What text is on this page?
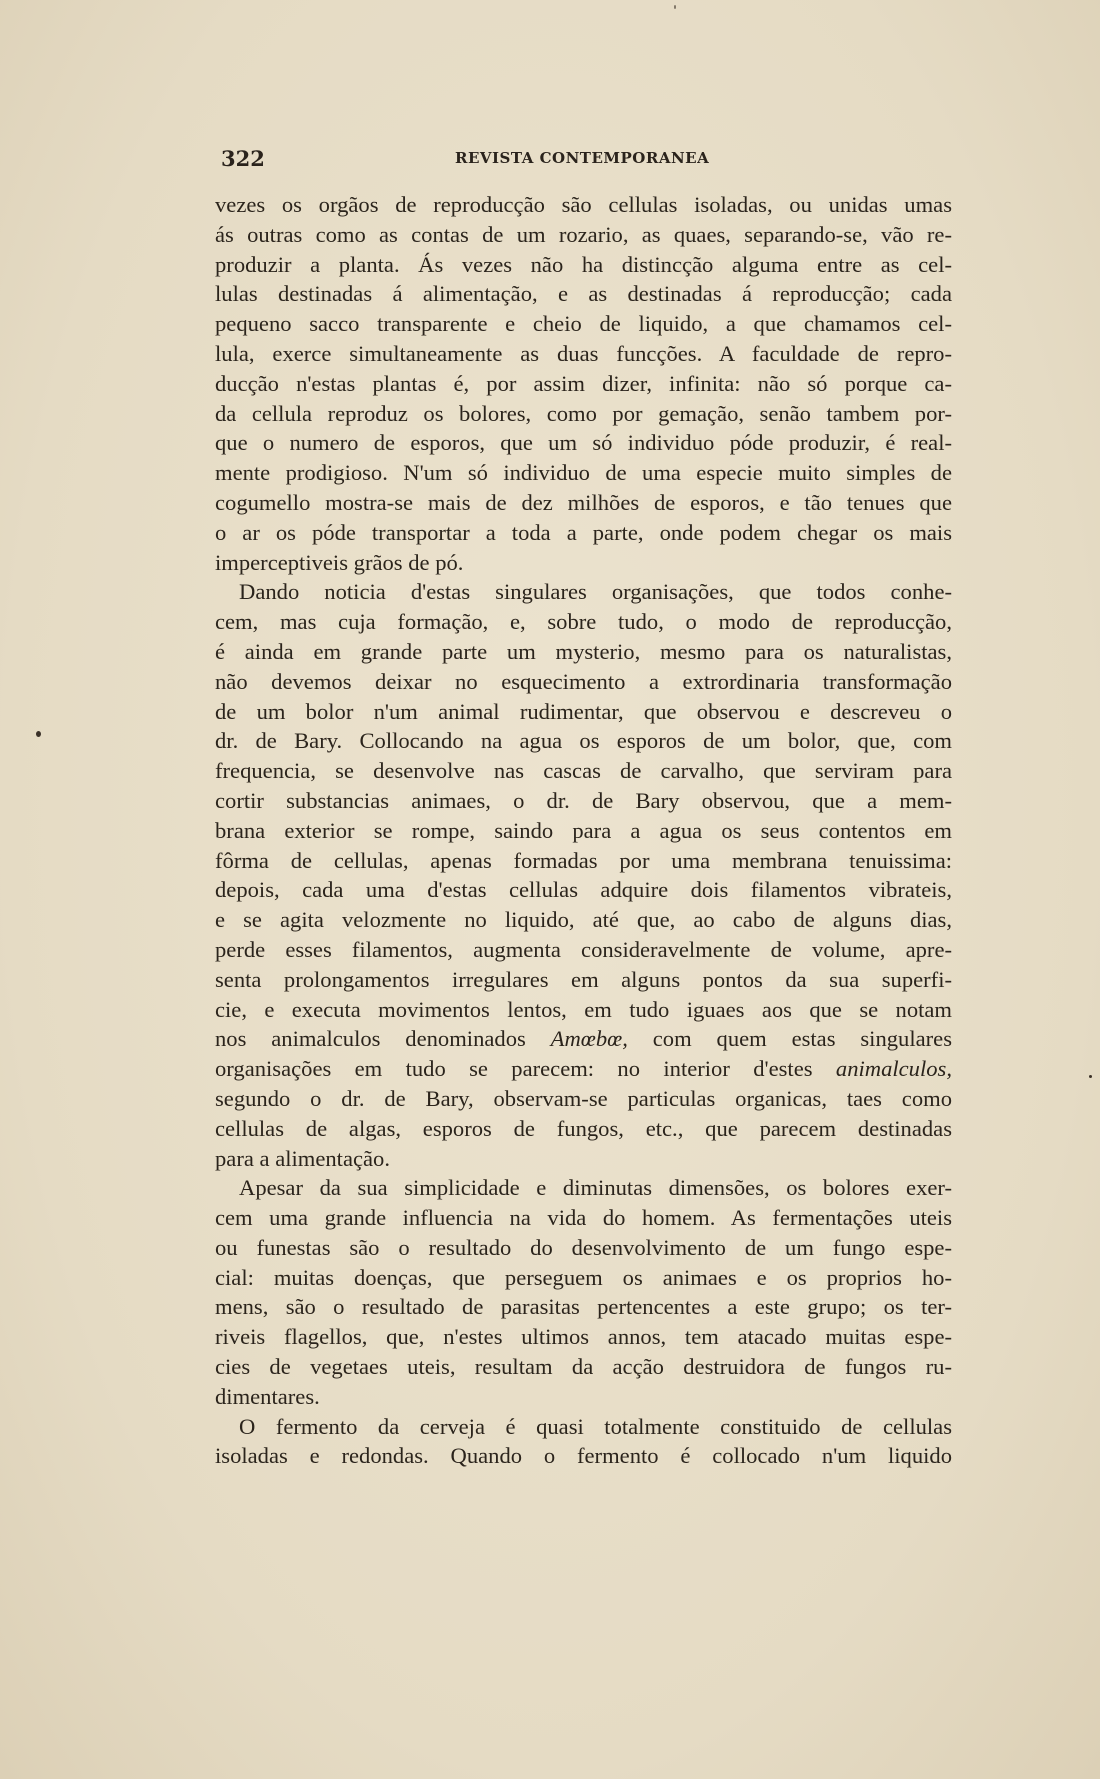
322	REVISTA CONTEMPORANEA
vezes os orgãos de reproducção são cellulas isoladas, ou unidas umas
ás outras como as contas de um rozario, as quaes, separando-se, vão re-
produzir a planta. Ás vezes não ha distincção alguma entre as cel-
lulas destinadas á alimentação, e as destinadas á reproducção; cada
pequeno sacco transparente e cheio de liquido, a que chamamos cel-
lula, exerce simultaneamente as duas funcções. A faculdade de repro-
ducção n'estas plantas é, por assim dizer, infinita: não só porque ca-
da cellula reproduz os bolores, como por gemação, senão tambem por-
que o numero de esporos, que um só individuo póde produzir, é real-
mente prodigioso. N'um só individuo de uma especie muito simples de
cogumello mostra-se mais de dez milhões de esporos, e tão tenues que
o ar os póde transportar a toda a parte, onde podem chegar os mais
imperceptiveis grãos de pó.
Dando noticia d'estas singulares organisações, que todos conhe-
cem, mas cuja formação, e, sobre tudo, o modo de reproducção,
é ainda em grande parte um mysterio, mesmo para os naturalistas,
não devemos deixar no esquecimento a extrordinaria transformação
de um bolor n'um animal rudimentar, que observou e descreveu o
dr. de Bary. Collocando na agua os esporos de um bolor, que, com
frequencia, se desenvolve nas cascas de carvalho, que serviram para
cortir substancias animaes, o dr. de Bary observou, que a mem-
brana exterior se rompe, saindo para a agua os seus contentos em
fôrma de cellulas, apenas formadas por uma membrana tenuissima:
depois, cada uma d'estas cellulas adquire dois filamentos vibrateis,
e se agita velozmente no liquido, até que, ao cabo de alguns dias,
perde esses filamentos, augmenta consideravelmente de volume, apre-
senta prolongamentos irregulares em alguns pontos da sua superfi-
cie, e executa movimentos lentos, em tudo iguaes aos que se notam
nos animalculos denominados Amœbœ, com quem estas singulares
organisações em tudo se parecem: no interior d'estes animalculos,
segundo o dr. de Bary, observam-se particulas organicas, taes como
cellulas de algas, esporos de fungos, etc., que parecem destinadas
para a alimentação.
Apesar da sua simplicidade e diminutas dimensões, os bolores exer-
cem uma grande influencia na vida do homem. As fermentações uteis
ou funestas são o resultado do desenvolvimento de um fungo espe-
cial: muitas doenças, que perseguem os animaes e os proprios ho-
mens, são o resultado de parasitas pertencentes a este grupo; os ter-
riveis flagellos, que, n'estes ultimos annos, tem atacado muitas espe-
cies de vegetaes uteis, resultam da acção destruidora de fungos ru-
dimentares.
O fermento da cerveja é quasi totalmente constituido de cellulas
isoladas e redondas. Quando o fermento é collocado n'um liquido
